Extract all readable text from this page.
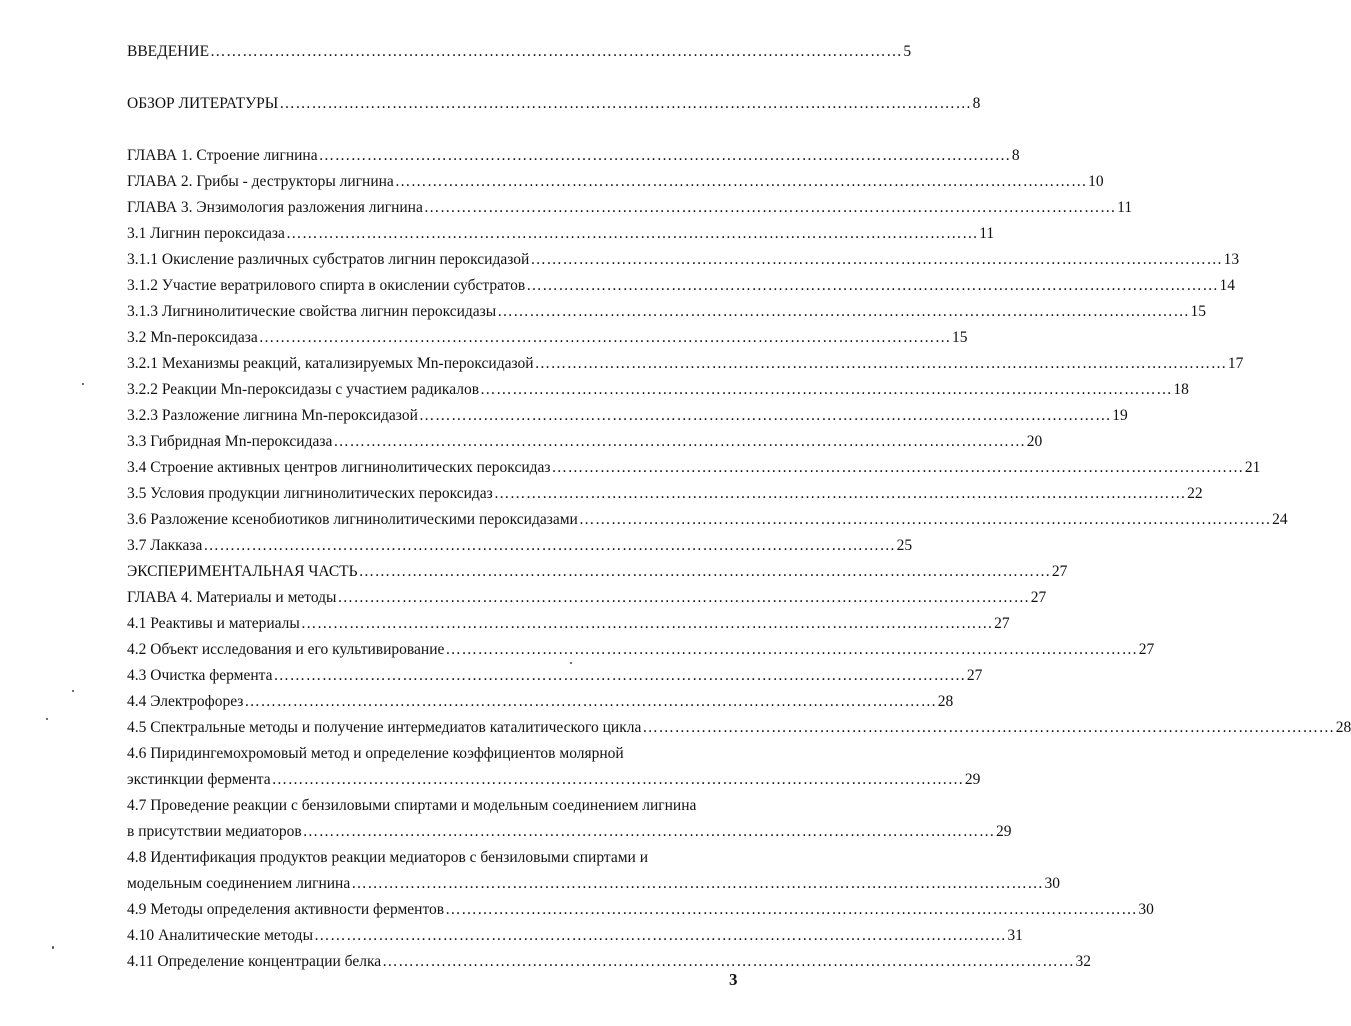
ВВЕДЕНИЕ ………………………………………………………………………………………………………………… 5
ОБЗОР ЛИТЕРАТУРЫ ………………………………………………………………………………………………………………… 8
ГЛАВА 1. Строение лигнина ………………………………………………………………………………………………………………… 8
ГЛАВА 2. Грибы - деструкторы лигнина ………………………………………………………………………………………………………………… 10
ГЛАВА 3. Энзимология разложения лигнина ………………………………………………………………………………………………………………… 11
3.1 Лигнин пероксидаза ………………………………………………………………………………………………………………… 11
3.1.1 Окисление различных субстратов лигнин пероксидазой ………………………………………………………………………………………………………………… 13
3.1.2 Участие вератрилового спирта в окислении субстратов ………………………………………………………………………………………………………………… 14
3.1.3 Лигнинолитические свойства лигнин пероксидазы ………………………………………………………………………………………………………………… 15
3.2 Mn-пероксидаза ………………………………………………………………………………………………………………… 15
3.2.1 Механизмы реакций, катализируемых Mn-пероксидазой ………………………………………………………………………………………………………………… 17
3.2.2 Реакции Mn-пероксидазы с участием радикалов ………………………………………………………………………………………………………………… 18
3.2.3 Разложение лигнина Mn-пероксидазой ………………………………………………………………………………………………………………… 19
3.3 Гибридная Mn-пероксидаза ………………………………………………………………………………………………………………… 20
3.4 Строение активных центров лигнинолитических пероксидаз ………………………………………………………………………………………………………………… 21
3.5 Условия продукции лигнинолитических пероксидаз ………………………………………………………………………………………………………………… 22
3.6 Разложение ксенобиотиков лигнинолитическими пероксидазами ………………………………………………………………………………………………………………… 24
3.7 Лакказа ………………………………………………………………………………………………………………… 25
ЭКСПЕРИМЕНТАЛЬНАЯ ЧАСТЬ ………………………………………………………………………………………………………………… 27
ГЛАВА 4. Материалы и методы ………………………………………………………………………………………………………………… 27
4.1 Реактивы и материалы ………………………………………………………………………………………………………………… 27
4.2 Объект исследования и его культивирование ………………………………………………………………………………………………………………… 27
4.3 Очистка фермента ………………………………………………………………………………………………………………… 27
4.4 Электрофорез ………………………………………………………………………………………………………………… 28
4.5 Спектральные методы и получение интермедиатов каталитического цикла ………………………………………………………………………………………………………………… 28
4.6 Пиридингемохромовый метод и определение коэффициентов молярной
экстинкции фермента ………………………………………………………………………………………………………………… 29
4.7 Проведение реакции с бензиловыми спиртами и модельным соединением лигнина
в присутствии медиаторов ………………………………………………………………………………………………………………… 29
4.8 Идентификация продуктов реакции медиаторов с бензиловыми спиртами и
модельным соединением лигнина ………………………………………………………………………………………………………………… 30
4.9 Методы определения активности ферментов ………………………………………………………………………………………………………………… 30
4.10 Аналитические методы ………………………………………………………………………………………………………………… 31
4.11 Определение концентрации белка ………………………………………………………………………………………………………………… 32
3
